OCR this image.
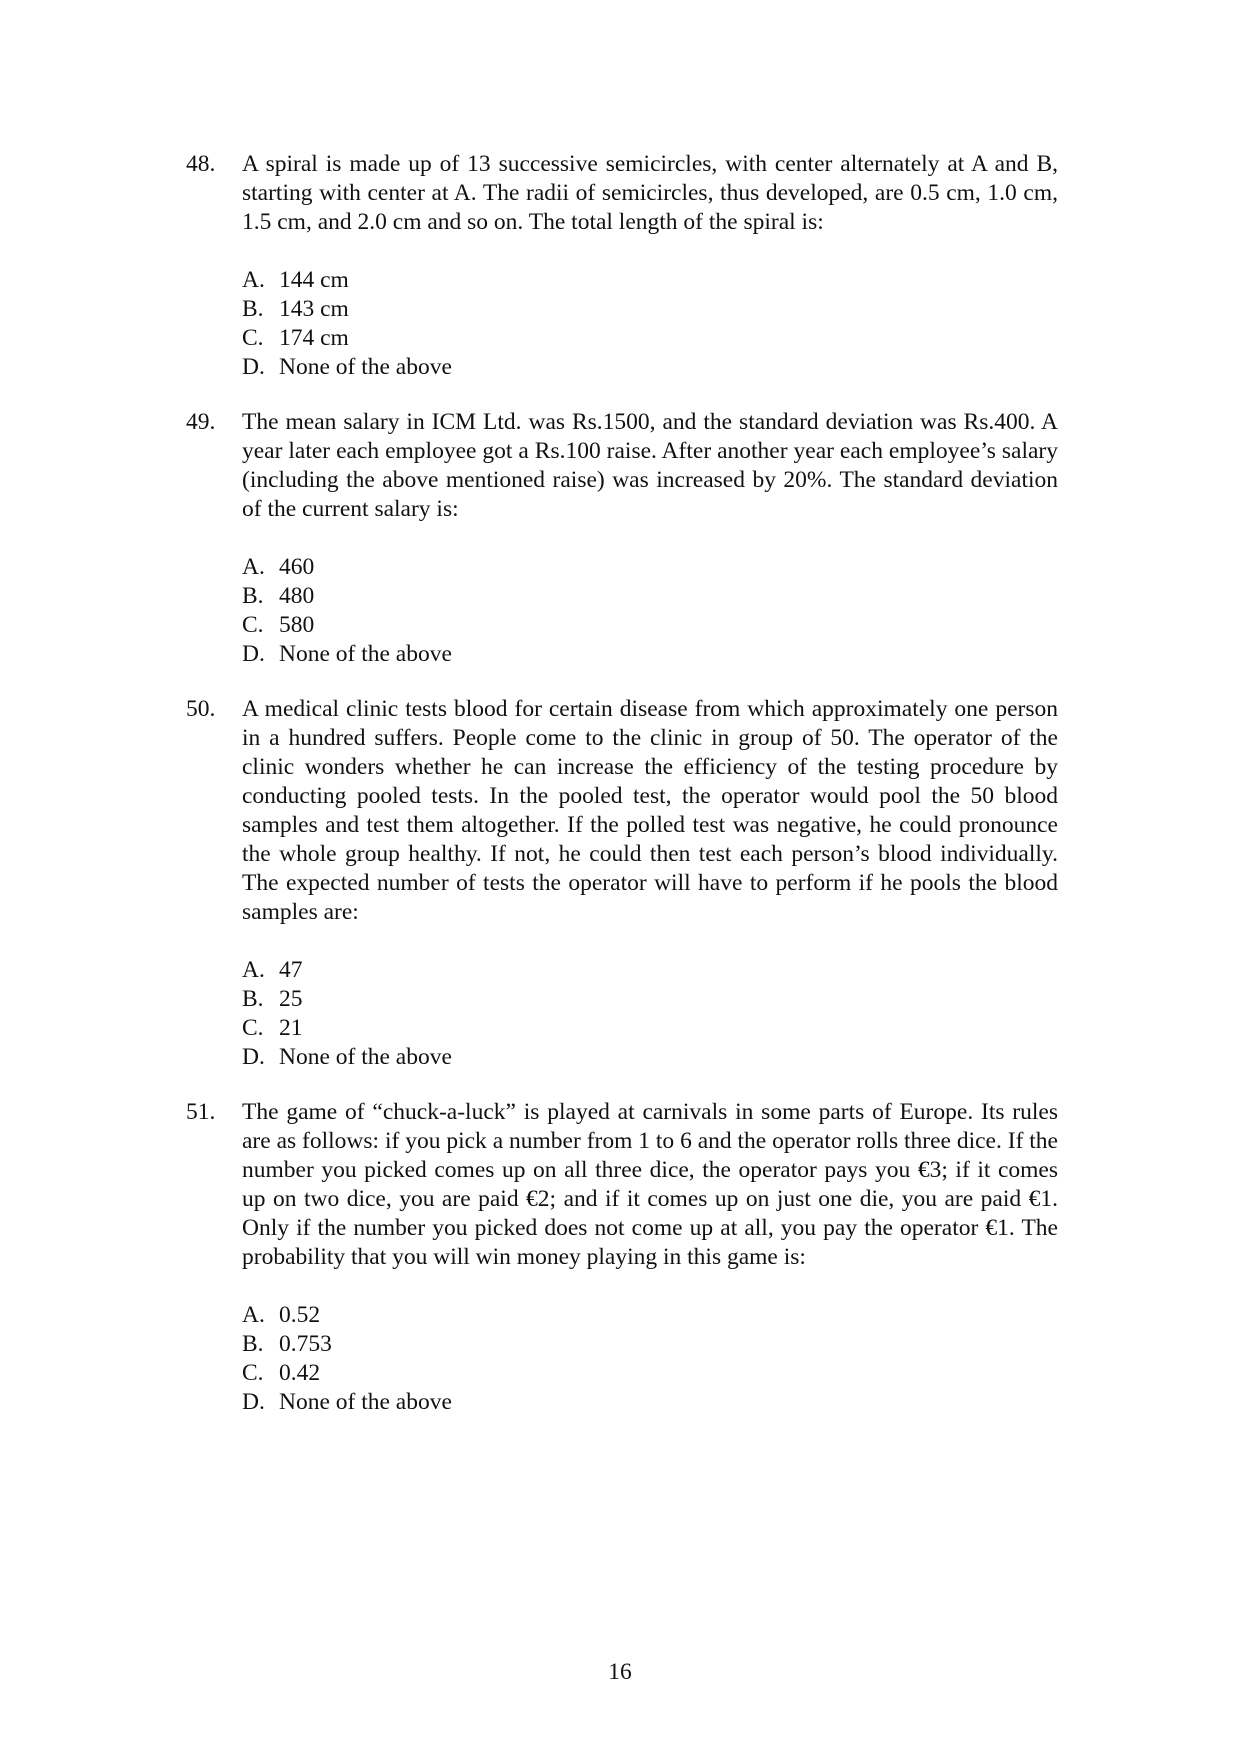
48.	A spiral is made up of 13 successive semicircles, with center alternately at A and B, starting with center at A. The radii of semicircles, thus developed, are 0.5 cm, 1.0 cm, 1.5 cm, and 2.0 cm and so on. The total length of the spiral is:
A. 144 cm
B. 143 cm
C. 174 cm
D. None of the above
49.	The mean salary in ICM Ltd. was Rs.1500, and the standard deviation was Rs.400. A year later each employee got a Rs.100 raise. After another year each employee’s salary (including the above mentioned raise) was increased by 20%. The standard deviation of the current salary is:
A. 460
B. 480
C. 580
D. None of the above
50.	A medical clinic tests blood for certain disease from which approximately one person in a hundred suffers. People come to the clinic in group of 50. The operator of the clinic wonders whether he can increase the efficiency of the testing procedure by conducting pooled tests. In the pooled test, the operator would pool the 50 blood samples and test them altogether. If the polled test was negative, he could pronounce the whole group healthy. If not, he could then test each person’s blood individually. The expected number of tests the operator will have to perform if he pools the blood samples are:
A. 47
B. 25
C. 21
D. None of the above
51.	The game of “chuck-a-luck” is played at carnivals in some parts of Europe. Its rules are as follows: if you pick a number from 1 to 6 and the operator rolls three dice. If the number you picked comes up on all three dice, the operator pays you €3; if it comes up on two dice, you are paid €2; and if it comes up on just one die, you are paid €1. Only if the number you picked does not come up at all, you pay the operator €1. The probability that you will win money playing in this game is:
A. 0.52
B. 0.753
C. 0.42
D. None of the above
16
